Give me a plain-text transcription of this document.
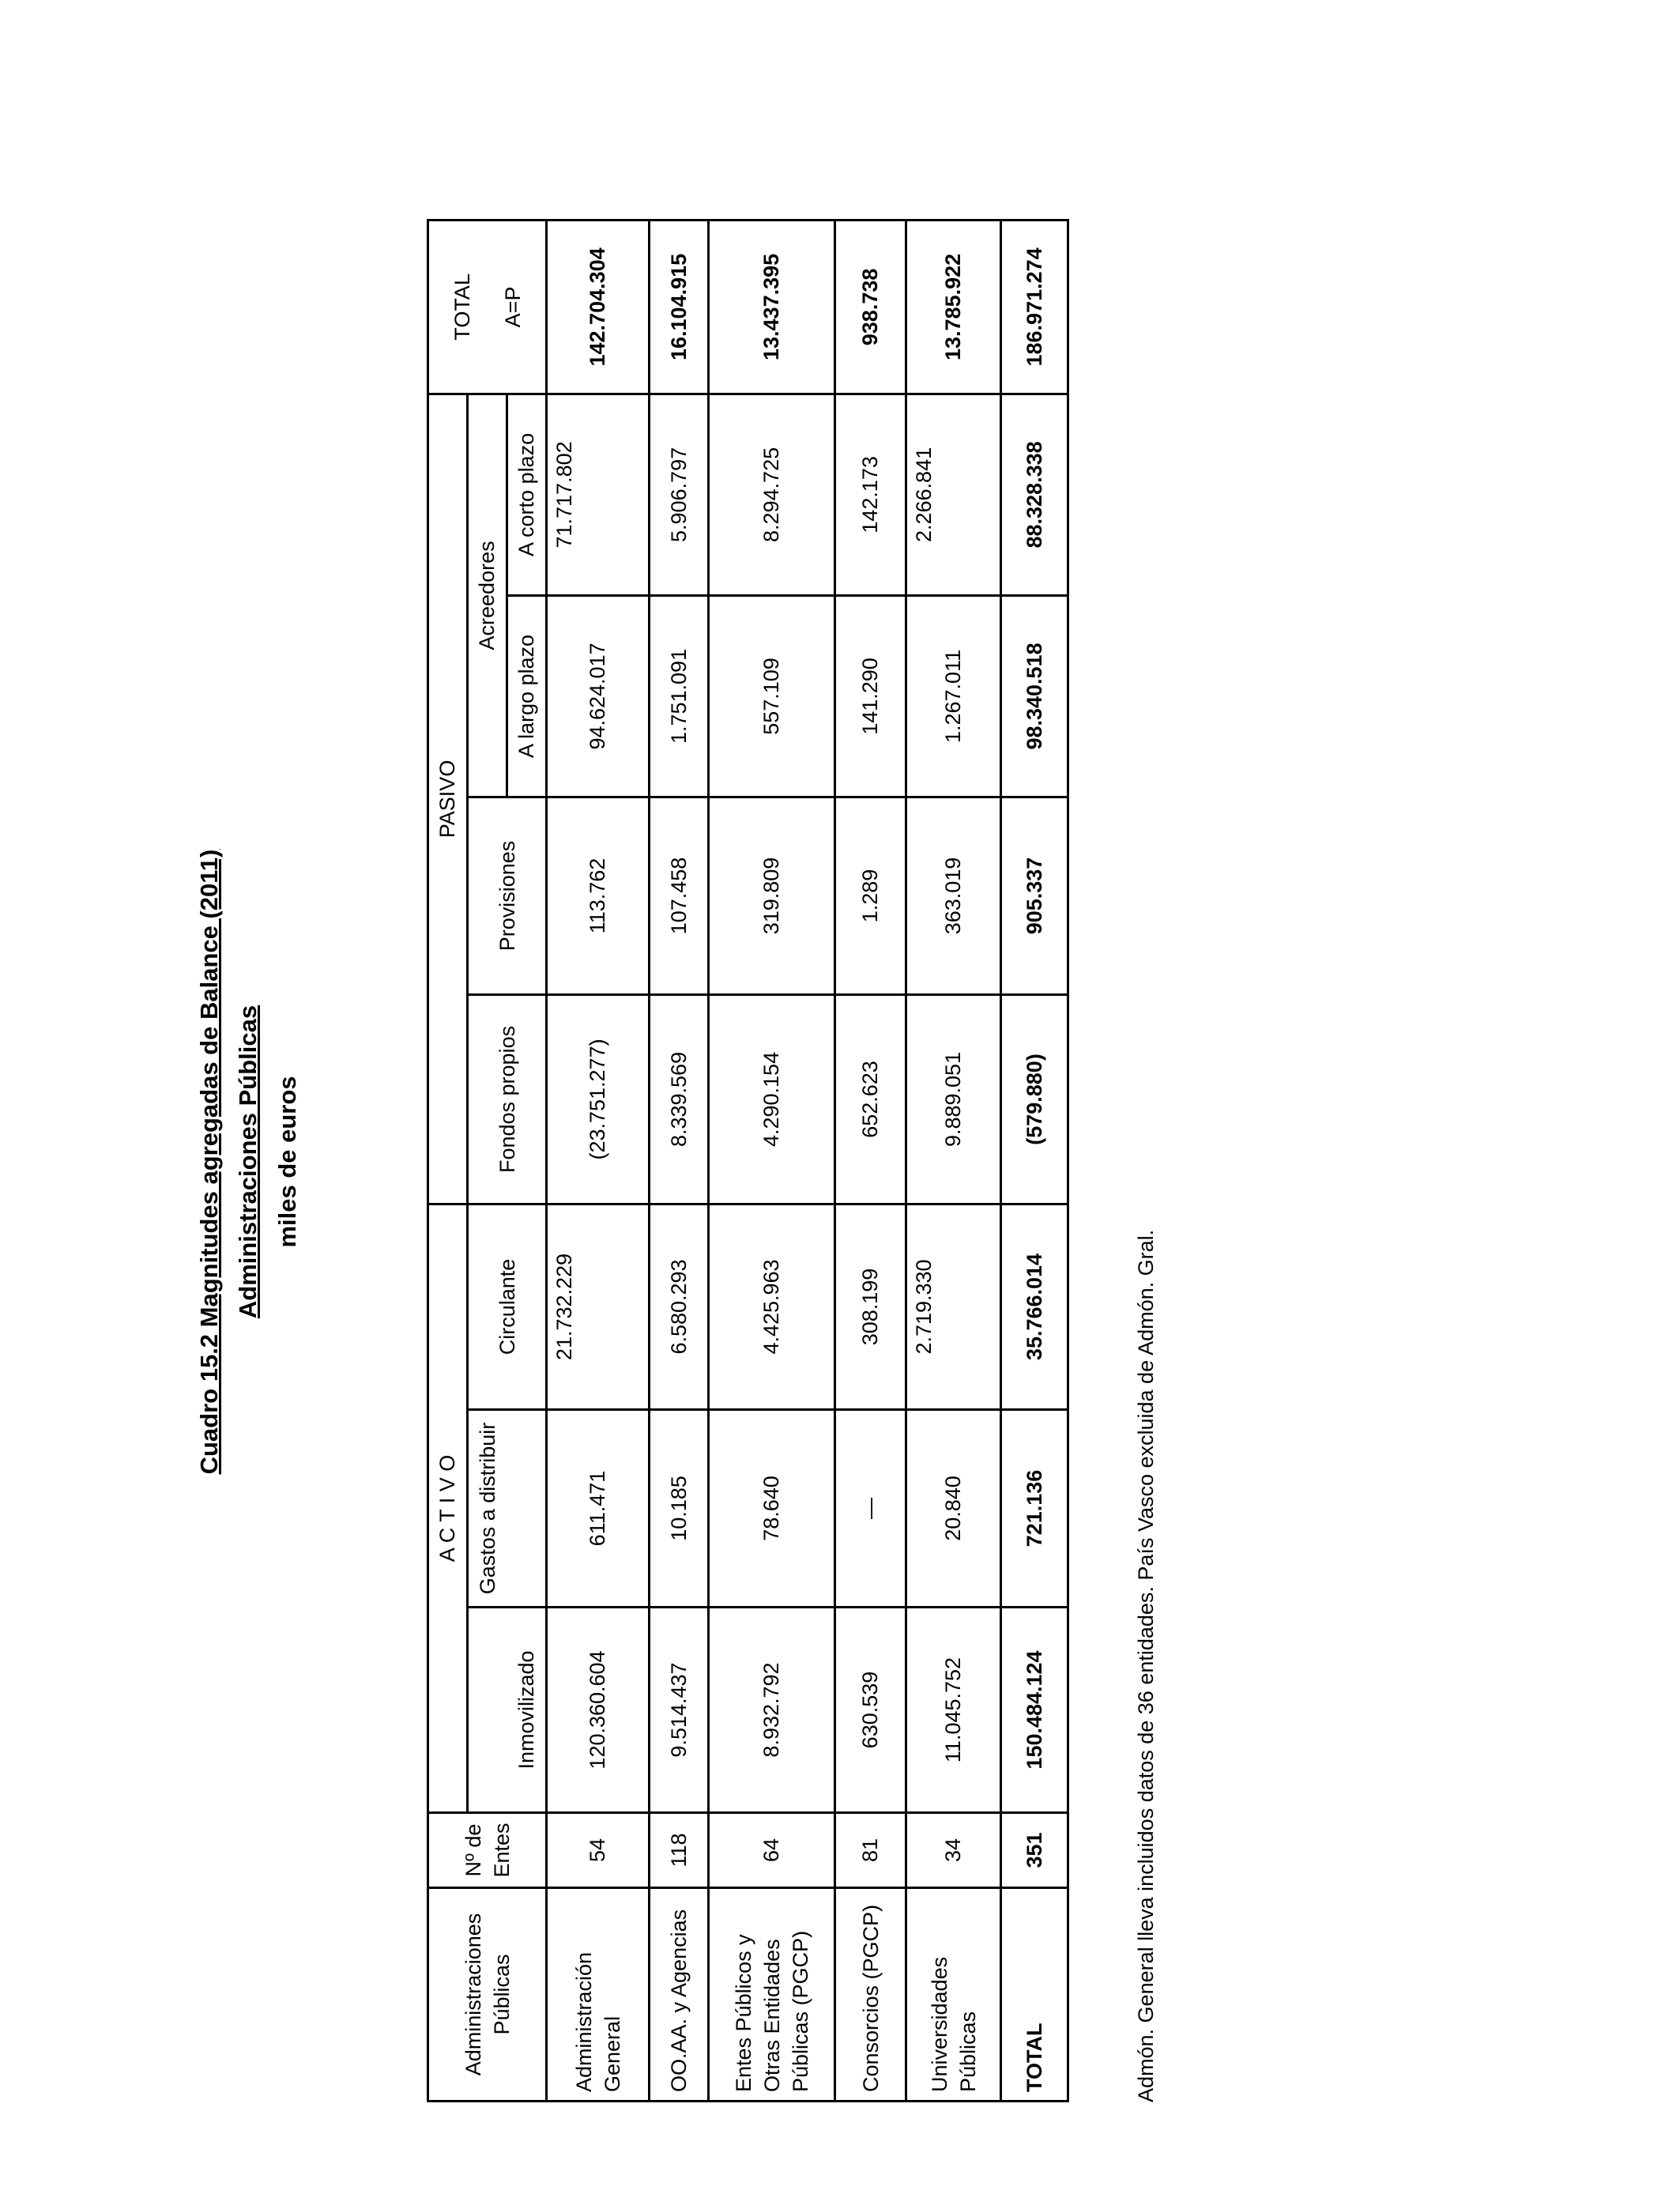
Cuadro 15.2 Magnitudes agregadas de Balance (2011) Administraciones Públicas miles de euros
Administraciones Públicas	Nº de Entes	A C T I V O			PASIVO				TOTAL A=P

		Inmovilizado	Gastos a distribuir	Circulante	Fondos propios	Provisiones	Acreedores		
							A largo plazo	A corto plazo	
Administración General	54	120.360.604	611.471	21.732.229	(23.751.277)	113.762	94.624.017	71.717.802	142.704.304
OO.AA. y Agencias	118	9.514.437	10.185	6.580.293	8.339.569	107.458	1.751.091	5.906.797	16.104.915
Entes Públicos y Otras Entidades Públicas (PGCP)	64	8.932.792	78.640	4.425.963	4.290.154	319.809	557.109	8.294.725	13.437.395
Consorcios (PGCP)	81	630.539	—	308.199	652.623	1.289	141.290	142.173	938.738
Universidades Públicas	34	11.045.752	20.840	2.719.330	9.889.051	363.019	1.267.011	2.266.841	13.785.922
TOTAL	351	150.484.124	721.136	35.766.014	(579.880)	905.337	98.340.518	88.328.338	186.971.274
Admón. General lleva incluidos datos de 36 entidades. País Vasco excluida de Admón. Gral.
